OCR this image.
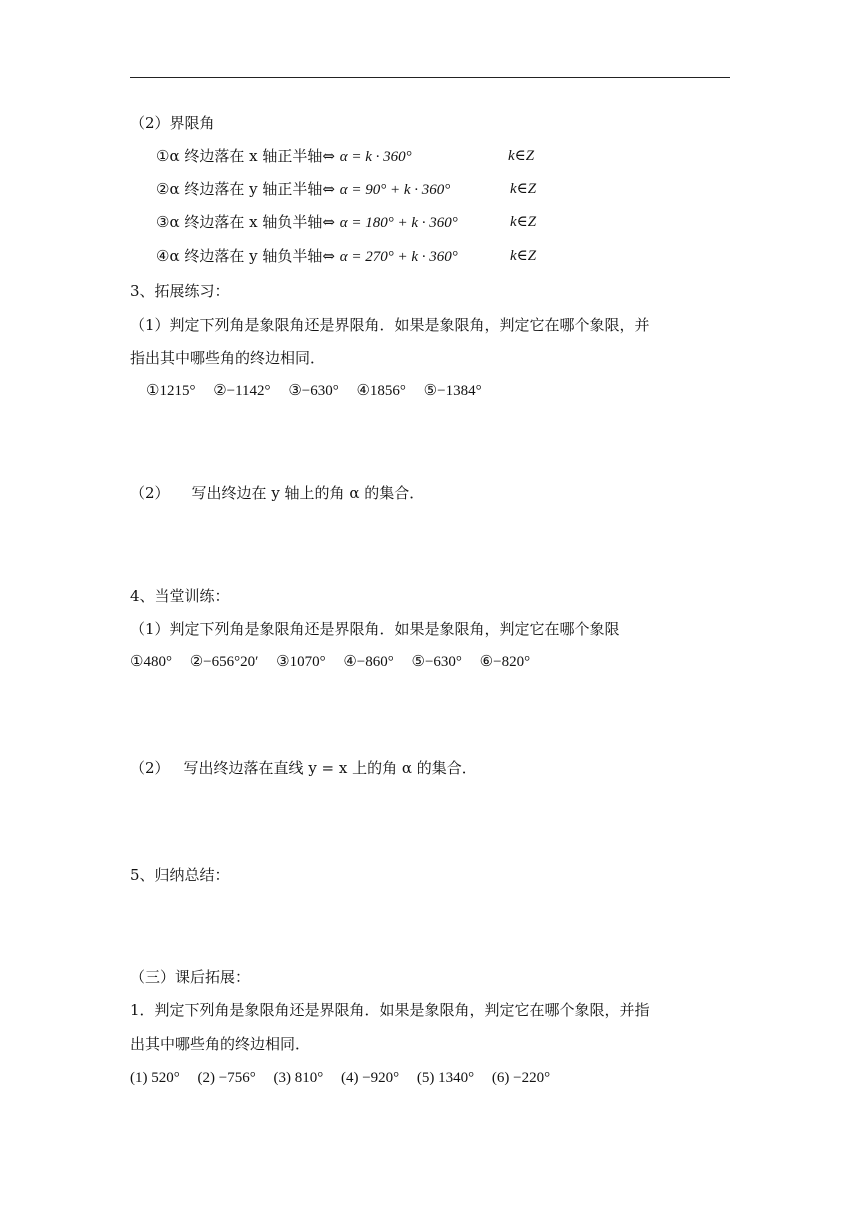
（2）界限角
①α 终边落在 x 轴正半轴⇔ α = k · 360°	k∈Z
②α 终边落在 y 轴正半轴⇔ α = 90° + k · 360°	k∈Z
③α 终边落在 x 轴负半轴⇔ α = 180° + k · 360°	k∈Z
④α 终边落在 y 轴负半轴⇔ α = 270° + k · 360°	k∈Z
3、拓展练习：
（1）判定下列角是象限角还是界限角．如果是象限角，判定它在哪个象限，并
指出其中哪些角的终边相同．
①1215° ②−1142° ③−630° ④1856° ⑤−1384°
（2） 写出终边在 y 轴上的角 α 的集合．
4、当堂训练：
（1）判定下列角是象限角还是界限角．如果是象限角，判定它在哪个象限
①480° ②−656°20′ ③1070° ④−860° ⑤−630° ⑥−820°
（2） 写出终边落在直线 y = x 上的角 α 的集合．
5、归纳总结：
（三）课后拓展：
1．判定下列角是象限角还是界限角．如果是象限角，判定它在哪个象限，并指
出其中哪些角的终边相同．
(1) 520° (2) −756° (3) 810° (4) −920° (5) 1340° (6) −220°
